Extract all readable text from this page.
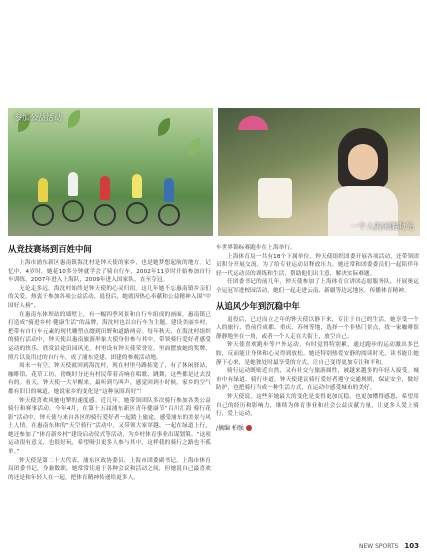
参加公益活动
一个人的闲暇时光
从竞技赛场到百姓中间

上海市浦东新区惠南镇海沈村是钟天使的家乡，也是她梦想起航的地方。记忆中，4岁时，她花10多分钟就学会了骑自行车，2002年11岁时开始参加自行车训练，2007年进入上海队，2009年进入国家队，直至夺冠。

无论走多远，海沈村始终是钟天使的心灵归宿。这几年她不忘惠南镇乡亲们的关爱，热衷于参加各项公益活动，退役后，她就因热心奉献和公益精神入围“中国好人榜”。

在惠南东体坝站的墙壁上，有一幅四季风景和自行车组成的画面，惠南镇已打造成“骑进乡村·健康生活”的品牌，海沈村也以自行车为主题，建设美丽乡村，把带有自行车元素的现代雕塑点缀到田野和道路两旁。每年秋天，在海沈村组织的骑行活动中，钟天使以惠南旅游形象大使身份参与其中，带领骑行爱好者感受运动的快乐，欣赏沿途田园风光，村里设有钟天使荣誉室，里面摆放她的奖牌、照片以及用过的自行车，成了浦东党建、团建的参观活动地。

周末一有空，钟天使就回到海沈村，现在村里马路拓宽了，有了休闲驿站、咖啡馆、花草工坊，傍晚时分还有村民带着音响在唱歌、跳舞，这些都是过去没有的。看天，钟天使一大早醒来，最听到鸟叫声，感觉回到小时候，家乡的空气都有旧日的味道，她说家乡的变化是“这种氛围真好”！

钟天使喜欢风驰电掣的速度感。近几年，她带领团队多次骑行参加各类公益骑行和赛事活动。今年4月，在第十五届浦东新区青年健康节“百川汇海 骑行花影”活动中，钟天使与来自各区的骑行爱好者一起踏上旅途，感受浦东的美景与风土人情。在惠南东体的“天空骑行”活动中，又带领大家穿越，一起在绿道上行，她还参加了“体育新乡村”建设启动仪式等活动，为乡村体育事业出谋划策。“这项运动很有意义，也很好玩，希望吸引更多人参与其中，这样我的骑行之路也不孤单。”

钟天使是第二十大代表，浦东区政协委员、上海市团委副书记。上海市体育局团委书记，身兼数职，她常常往返于各种会议和活动之间，但她说自己最喜欢的还是和年轻人在一起，把体育精神传递给更多人。

车世界锦标赛跑步在上海举行。

上海体育局一共有18个下属单位，钟天使组织团委开展各项活动，还带领团员积分开展交流。为了给专业运动员释放压力，她还常和团委委员们一起陪伴年轻一代运动员的训练和生活，帮助他们出主意，解决实际难题。

任团委书记的前几年，钟天使参加了上海体育宣讲团志愿服务队，开展奥运全运冠军进校园活动，她们一起走进云南、新疆等边远地区，传播体育精神。

从追风少年到沉稳中年

退役后，已过而立之年的钟天使以静下来，专注于自己的生活。她享受一个人的旅行，曾前往成都、重庆、苏州等地，选择一个非热门景点，找一家咖啡馆静静地坐在一角，或者一个人走在大街上，放空自己。

钟天使喜欢跑步等户外运动，有时觉得特别累，通过跑步的运动激出多巴胺，反而能让身体和心灵得到放松。她还特别热爱安静的阅读时光，读书能让她静下心来，是她独处时最享受的方式，让自己变得更加专注和平和。

骑行运动既贴近自然，又有社交与旅游属性，被越来越多的年轻人接受。城市中有绿道、骑行步道，钟天使建议骑行爱好者遵守交通规则，保证安全，做好防护，也把骑行当成一种生活方式，在运动中感受城市的美好。

钟天使说，这些年她最大的变化是变得更加沉稳，也更加懂得感恩，希望用自己的经历和影响力，继续为体育事业和社会公益贡献力量，让更多人爱上骑行，爱上运动。

/摘编 柏强
NEW SPORTS 103
